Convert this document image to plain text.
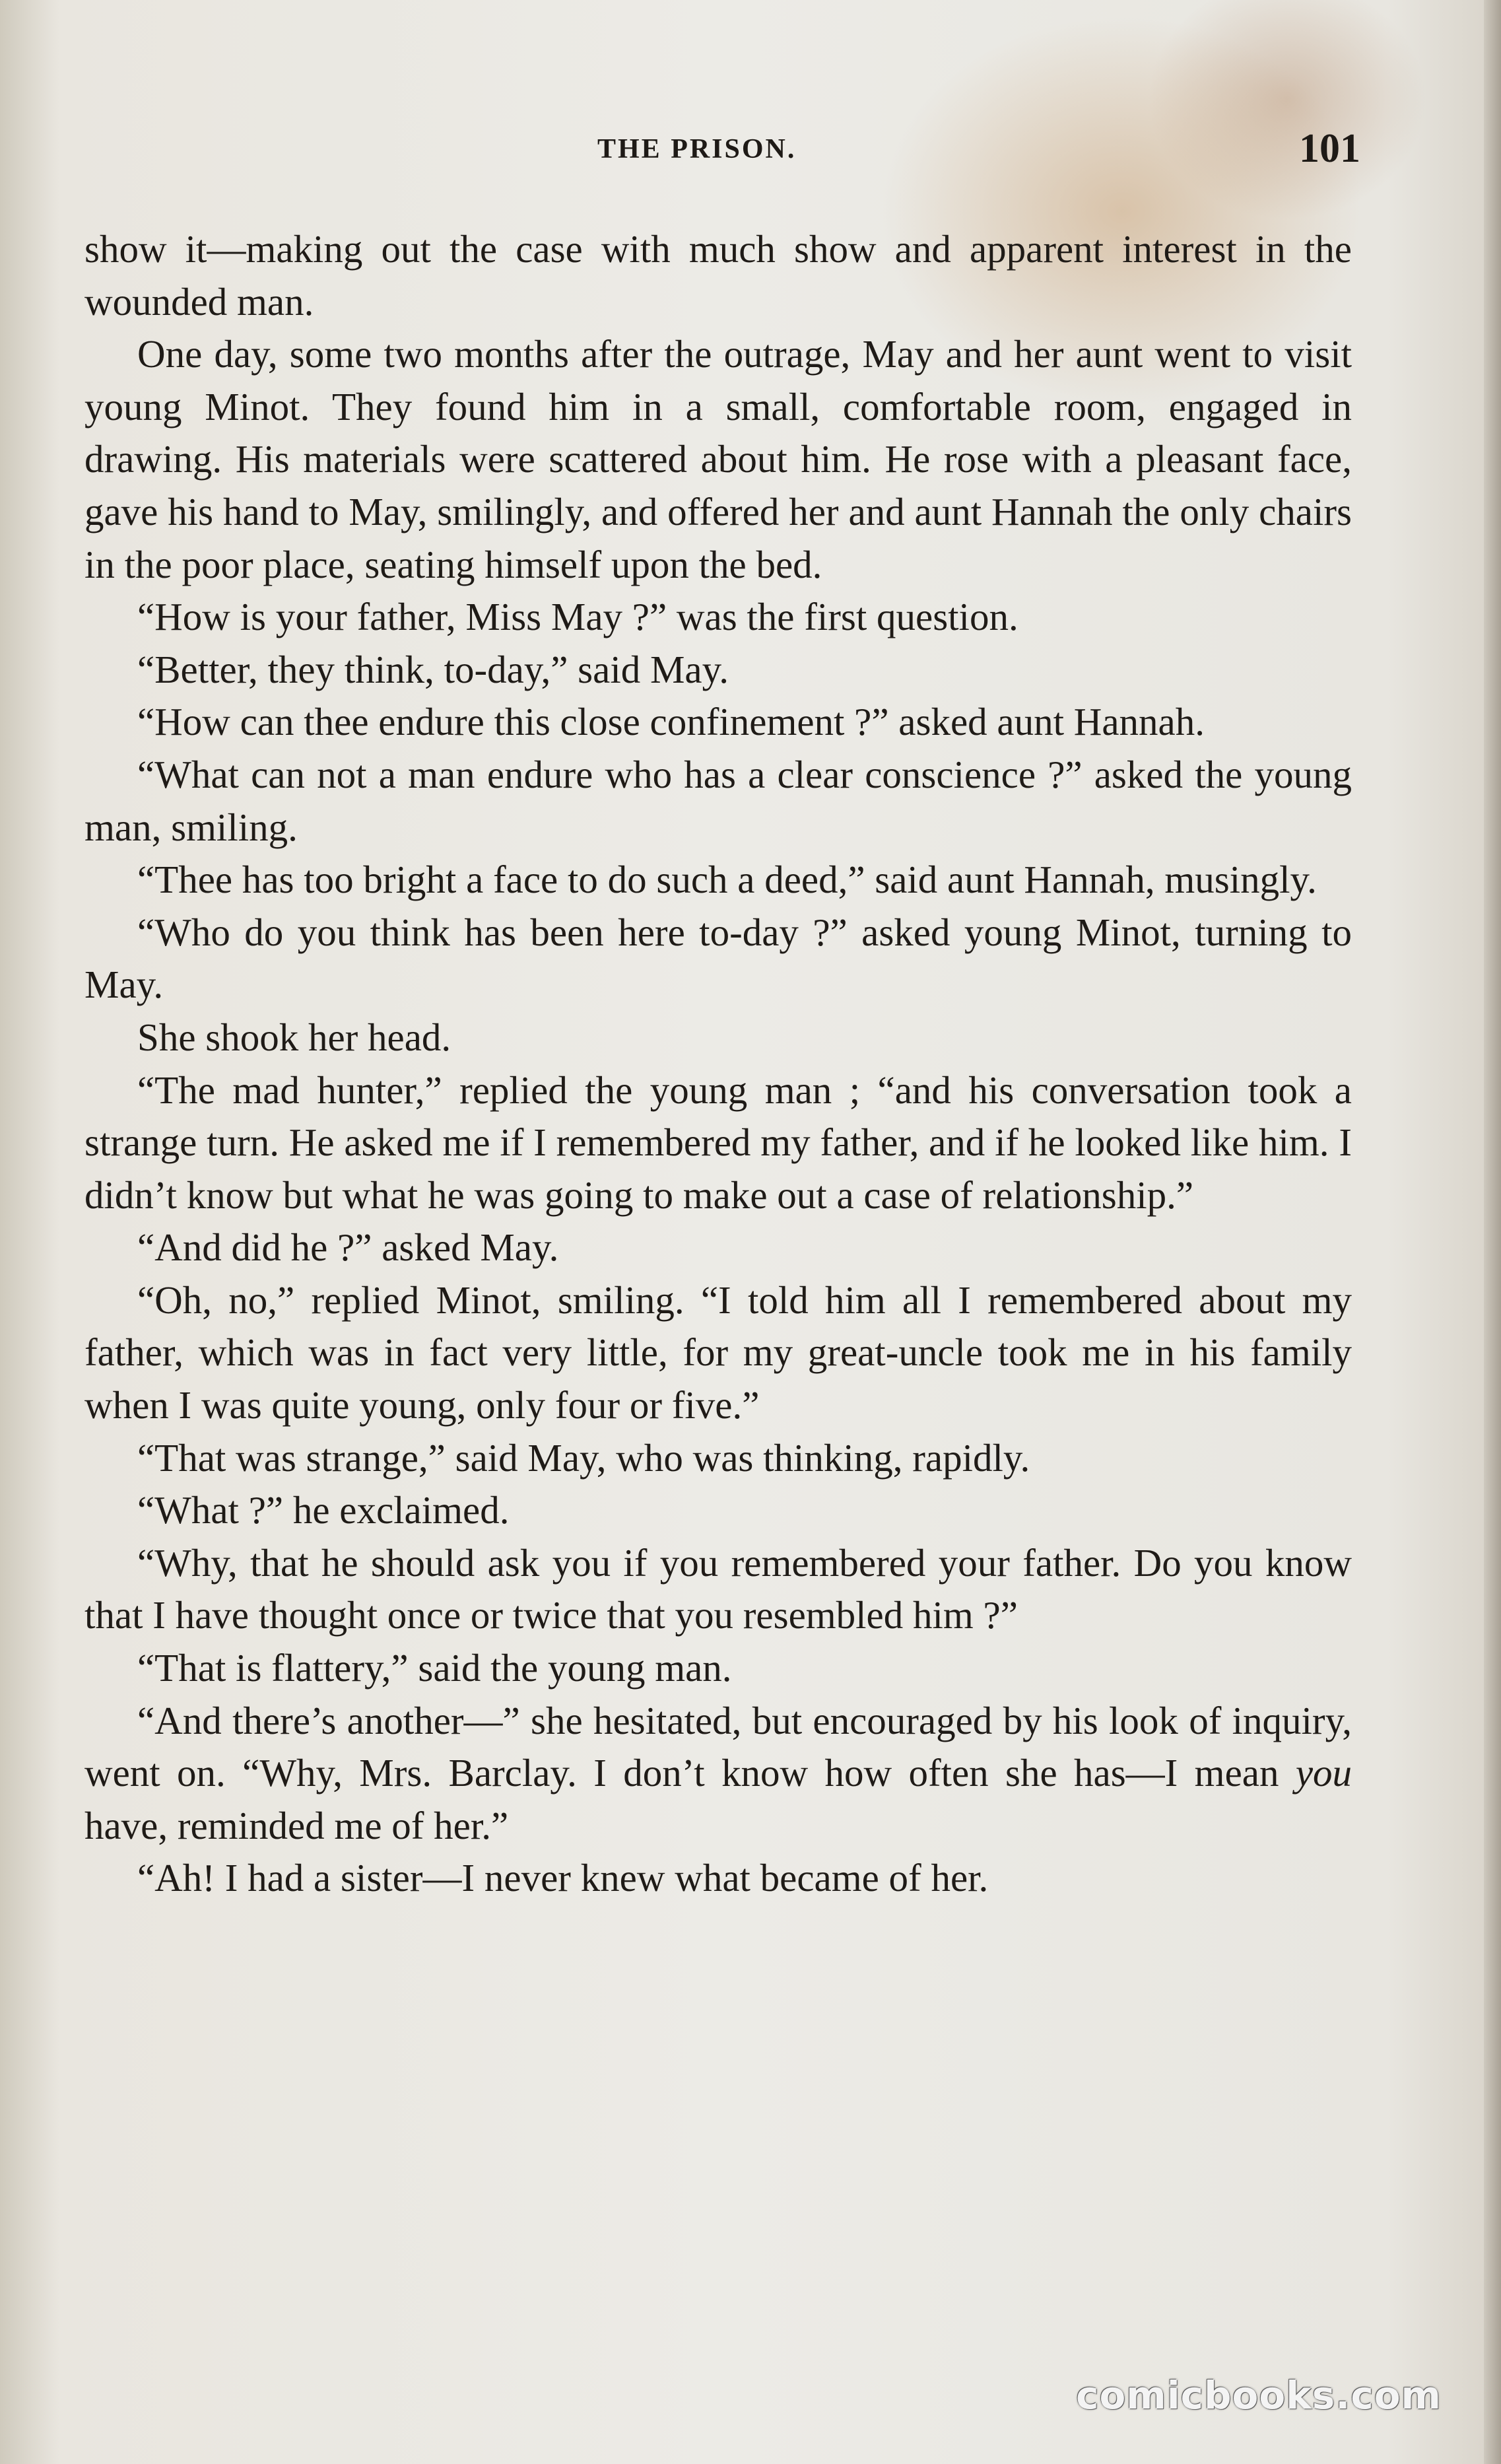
THE PRISON.	101

show it—making out the case with much show and apparent interest in the wounded man.

One day, some two months after the outrage, May and her aunt went to visit young Minot. They found him in a small, comfortable room, engaged in drawing. His materials were scattered about him. He rose with a pleasant face, gave his hand to May, smilingly, and offered her and aunt Hannah the only chairs in the poor place, seating himself upon the bed.

“How is your father, Miss May ?” was the first question.

“Better, they think, to-day,” said May.

“How can thee endure this close confinement ?” asked aunt Hannah.

“What can not a man endure who has a clear conscience ?” asked the young man, smiling.

“Thee has too bright a face to do such a deed,” said aunt Hannah, musingly.

“Who do you think has been here to-day ?” asked young Minot, turning to May.

She shook her head.

“The mad hunter,” replied the young man ; “and his conversation took a strange turn. He asked me if I remembered my father, and if he looked like him. I didn’t know but what he was going to make out a case of relationship.”

“And did he ?” asked May.

“Oh, no,” replied Minot, smiling. “I told him all I remembered about my father, which was in fact very little, for my great-uncle took me in his family when I was quite young, only four or five.”

“That was strange,” said May, who was thinking, rapidly.

“What ?” he exclaimed.

“Why, that he should ask you if you remembered your father. Do you know that I have thought once or twice that you resembled him ?”

“That is flattery,” said the young man.

“And there’s another—” she hesitated, but encouraged by his look of inquiry, went on. “Why, Mrs. Barclay. I don’t know how often she has—I mean you have, reminded me of her.”

“Ah! I had a sister—I never knew what became of her.

comicbooks.com
